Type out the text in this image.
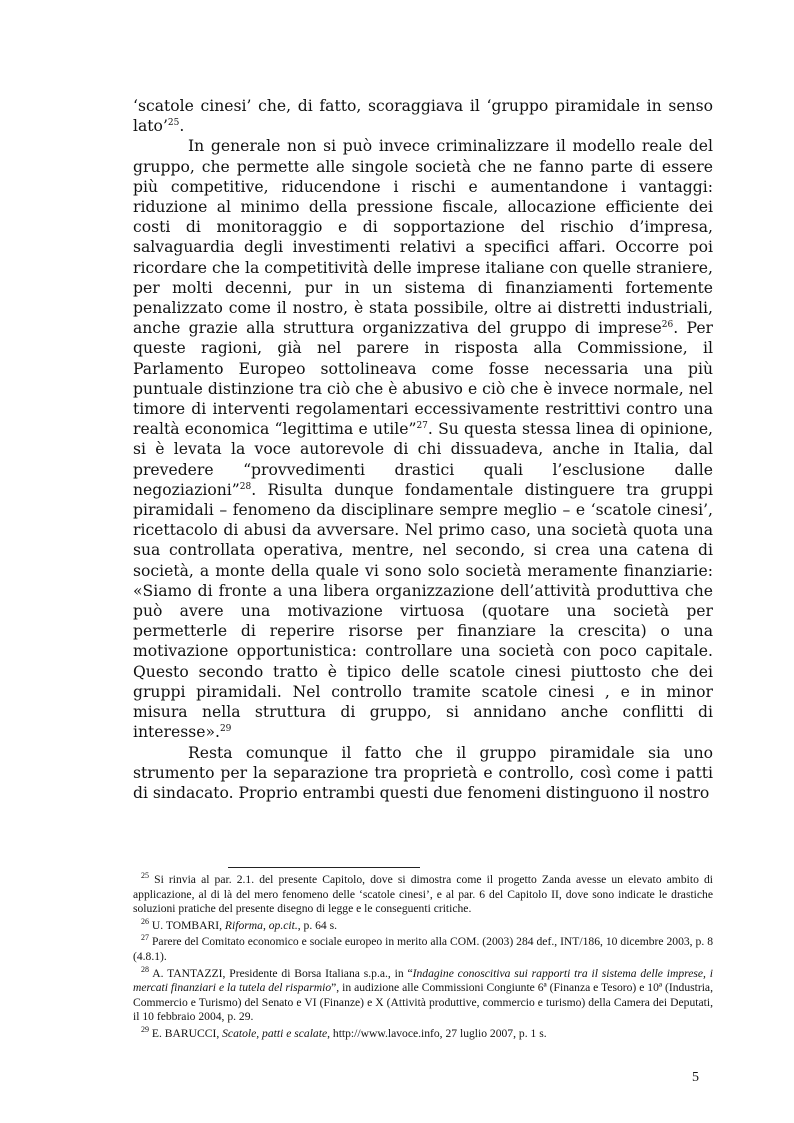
‘scatole cinesi’ che, di fatto, scoraggiava il ‘gruppo piramidale in senso lato’$^{25}$.

In generale non si può invece criminalizzare il modello reale del gruppo, che permette alle singole società che ne fanno parte di essere più competitive, riducendone i rischi e aumentandone i vantaggi: riduzione al minimo della pressione fiscale, allocazione efficiente dei costi di monitoraggio e di sopportazione del rischio d’impresa, salvaguardia degli investimenti relativi a specifici affari. Occorre poi ricordare che la competitività delle imprese italiane con quelle straniere, per molti decenni, pur in un sistema di finanziamenti fortemente penalizzato come il nostro, è stata possibile, oltre ai distretti industriali, anche grazie alla struttura organizzativa del gruppo di imprese$^{26}$. Per queste ragioni, già nel parere in risposta alla Commissione, il Parlamento Europeo sottolineava come fosse necessaria una più puntuale distinzione tra ciò che è abusivo e ciò che è invece normale, nel timore di interventi regolamentari eccessivamente restrittivi contro una realtà economica “legittima e utile”$^{27}$. Su questa stessa linea di opinione, si è levata la voce autorevole di chi dissuadeva, anche in Italia, dal prevedere “provvedimenti drastici quali l’esclusione dalle negoziazioni”$^{28}$. Risulta dunque fondamentale distinguere tra gruppi piramidali – fenomeno da disciplinare sempre meglio – e ‘scatole cinesi’, ricettacolo di abusi da avversare. Nel primo caso, una società quota una sua controllata operativa, mentre, nel secondo, si crea una catena di società, a monte della quale vi sono solo società meramente finanziarie: «Siamo di fronte a una libera organizzazione dell’attività produttiva che può avere una motivazione virtuosa (quotare una società per permetterle di reperire risorse per finanziare la crescita) o una motivazione opportunistica: controllare una società con poco capitale. Questo secondo tratto è tipico delle scatole cinesi piuttosto che dei gruppi piramidali. Nel controllo tramite scatole cinesi , e in minor misura nella struttura di gruppo, si annidano anche conflitti di interesse».$^{29}$

Resta comunque il fatto che il gruppo piramidale sia uno strumento per la separazione tra proprietà e controllo, così come i patti di sindacato. Proprio entrambi questi due fenomeni distinguono il nostro

$^{25}$ Si rinvia al par. 2.1. del presente Capitolo, dove si dimostra come il progetto Zanda avesse un elevato ambito di applicazione, al di là del mero fenomeno delle ‘scatole cinesi’, e al par. 6 del Capitolo II, dove sono indicate le drastiche soluzioni pratiche del presente disegno di legge e le conseguenti critiche.

$^{26}$ U. TOMBARI, Riforma, op.cit., p. 64 s.

$^{27}$ Parere del Comitato economico e sociale europeo in merito alla COM. (2003) 284 def., INT/186, 10 dicembre 2003, p. 8 (4.8.1).

$^{28}$ A. TANTAZZI, Presidente di Borsa Italiana s.p.a., in “Indagine conoscitiva sui rapporti tra il sistema delle imprese, i mercati finanziari e la tutela del risparmio”, in audizione alle Commissioni Congiunte 6ª (Finanza e Tesoro) e 10ª (Industria, Commercio e Turismo) del Senato e VI (Finanze) e X (Attività produttive, commercio e turismo) della Camera dei Deputati, il 10 febbraio 2004, p. 29.

$^{29}$ E. BARUCCI, Scatole, patti e scalate, http://www.lavoce.info, 27 luglio 2007, p. 1 s.

5
